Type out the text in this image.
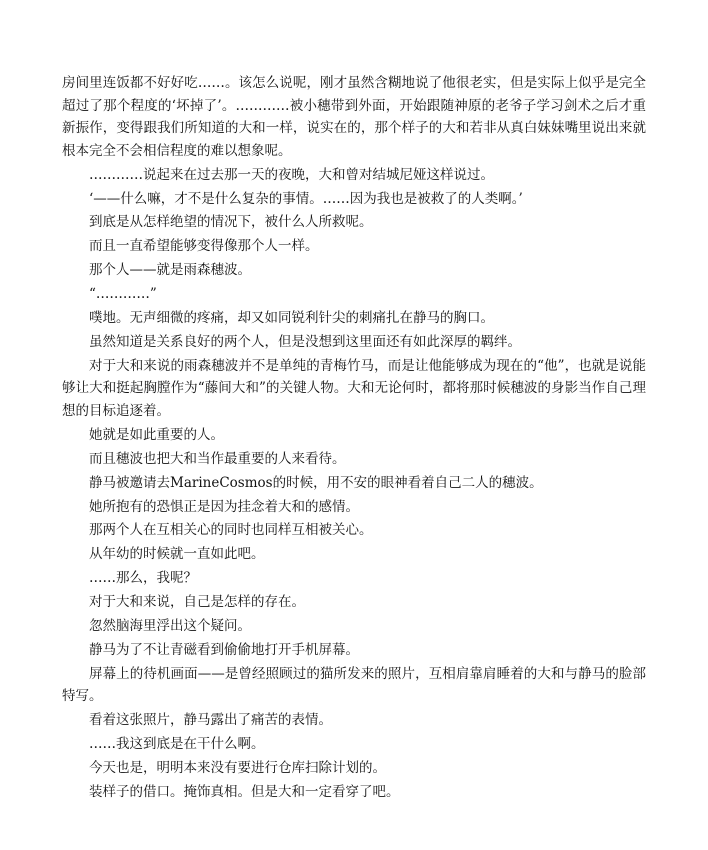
房间里连饭都不好好吃……。该怎么说呢，刚才虽然含糊地说了他很老实，但是实际上似乎是完全超过了那个程度的‘坏掉了’。…………被小穗带到外面，开始跟随神原的老爷子学习剑术之后才重新振作，变得跟我们所知道的大和一样，说实在的，那个样子的大和若非从真白妹妹嘴里说出来就根本完全不会相信程度的难以想象呢。

…………说起来在过去那一天的夜晚，大和曾对结城尼娅这样说过。

‘——什么嘛，才不是什么复杂的事情。……因为我也是被救了的人类啊。’

到底是从怎样绝望的情况下，被什么人所救呢。

而且一直希望能够变得像那个人一样。

那个人——就是雨森穗波。

“…………”

噗地。无声细微的疼痛，却又如同锐利针尖的刺痛扎在静马的胸口。

虽然知道是关系良好的两个人，但是没想到这里面还有如此深厚的羁绊。

对于大和来说的雨森穗波并不是单纯的青梅竹马，而是让他能够成为现在的“他”，也就是说能够让大和挺起胸膛作为“藤间大和”的关键人物。大和无论何时，都将那时候穗波的身影当作自己理想的目标追逐着。

她就是如此重要的人。

而且穗波也把大和当作最重要的人来看待。

静马被邀请去MarineCosmos的时候，用不安的眼神看着自己二人的穗波。

她所抱有的恐惧正是因为挂念着大和的感情。

那两个人在互相关心的同时也同样互相被关心。

从年幼的时候就一直如此吧。

……那么，我呢？

对于大和来说，自己是怎样的存在。

忽然脑海里浮出这个疑问。

静马为了不让青磁看到偷偷地打开手机屏幕。

屏幕上的待机画面——是曾经照顾过的猫所发来的照片，互相肩靠肩睡着的大和与静马的脸部特写。

看着这张照片，静马露出了痛苦的表情。

……我这到底是在干什么啊。

今天也是，明明本来没有要进行仓库扫除计划的。

装样子的借口。掩饰真相。但是大和一定看穿了吧。
